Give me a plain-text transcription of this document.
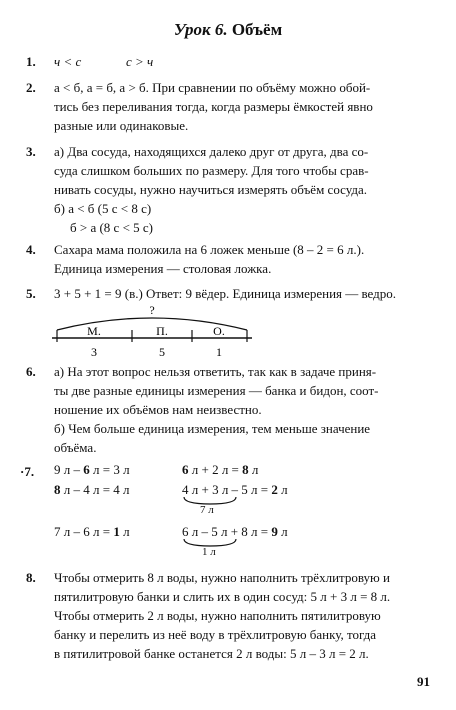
Урок 6. Объём
1.	ч < с	с > ч
2.	а < б, а = б, а > б. При сравнении по объёму можно обой-
тись без переливания тогда, когда размеры ёмкостей явно
разные или одинаковые.
3.	а) Два сосуда, находящихся далеко друг от друга, два со-
суда слишком больших по размеру. Для того чтобы срав-
нивать сосуды, нужно научиться измерять объём сосуда.
б) а < б (5 с < 8 с)
б > а (8 с < 5 с)
4.	Сахара мама положила на 6 ложек меньше (8 – 2 = 6 л.).
Единица измерения — столовая ложка.
5.	3 + 5 + 1 = 9 (в.) Ответ: 9 вёдер. Единица измерения — ведро.
?
М.	П.	О.
3	5	1
6.	а) На этот вопрос нельзя ответить, так как в задаче приня-
ты две разные единицы измерения — банка и бидон, соот-
ношение их объёмов нам неизвестно.
б) Чем больше единица измерения, тем меньше значение
объёма.
·7.	9 л – 6 л = 3 л	6 л + 2 л = 8 л
8 л – 4 л = 4 л	4 л + 3 л – 5 л = 2 л
7 л
7 л – 6 л = 1 л	6 л – 5 л + 8 л = 9 л
1 л
8.	Чтобы отмерить 8 л воды, нужно наполнить трёхлитровую и
пятилитровую банки и слить их в один сосуд: 5 л + 3 л = 8 л.
Чтобы отмерить 2 л воды, нужно наполнить пятилитровую
банку и перелить из неё воду в трёхлитровую банку, тогда
в пятилитровой банке останется 2 л воды: 5 л – 3 л = 2 л.
91
